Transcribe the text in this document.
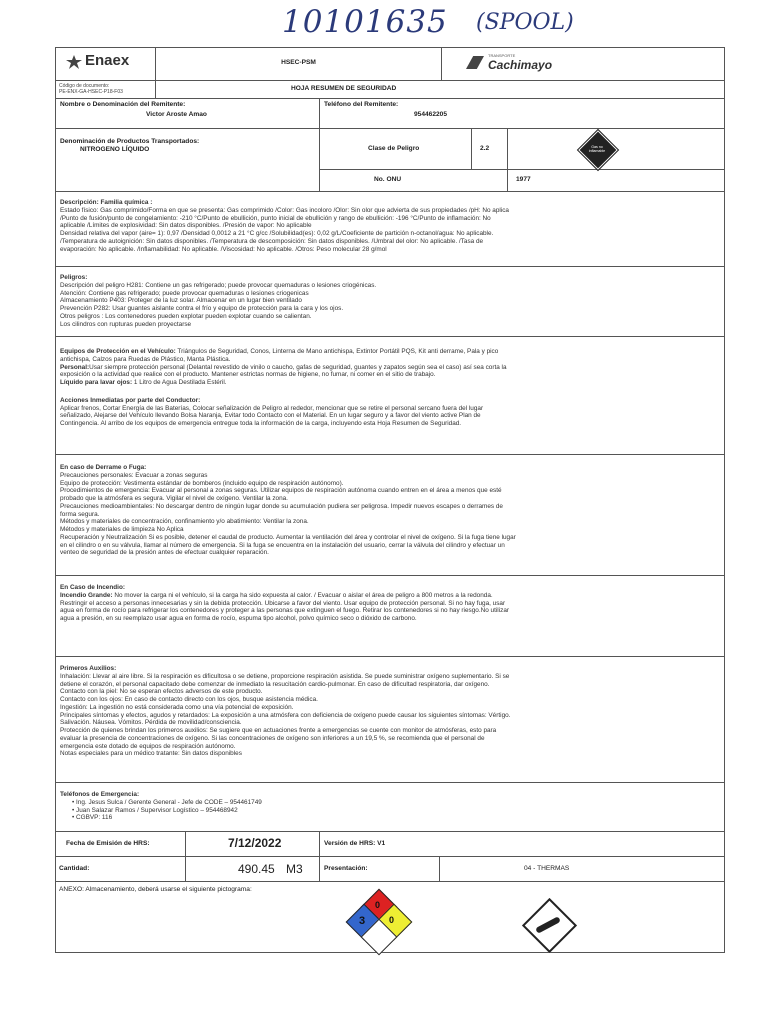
10101635 (SPOOL)
Enaex	HSEC-PSM
TRANSPORTE
Cachimayo
Código de documento:
PE-ENX-GA-HSEC-P18-F03	HOJA RESUMEN DE SEGURIDAD
Nombre o Denominación del Remitente:
Victor Aroste Amao
Teléfono del Remitente:
954462205
Denominación de Productos Transportados:
NITROGENO LÍQUIDO	Clase de Peligro	2.2	Gas no
inflamable
No. ONU	1977

Descripción: Familia química :

Estado físico: Gas comprimido/Forma en que se presenta: Gas comprimido /Color: Gas incoloro /Olor: Sin olor que advierta de sus propiedades /pH: No aplica

/Punto de fusión/punto de congelamiento: -210 °C/Punto de ebullición, punto inicial de ebullición y rango de ebullición: -196 °C/Punto de inflamación: No

aplicable /Límites de explosividad: Sin datos disponibles. /Presión de vapor: No aplicable

Densidad relativa del vapor (aire= 1): 0,97 /Densidad 0,0012 a 21 °C g/cc /Solubilidad(es): 0,02 g/L/Coeficiente de partición n-octanol/agua: No aplicable.

/Temperatura de autoignición: Sin datos disponibles. /Temperatura de descomposición: Sin datos disponibles. /Umbral del olor: No aplicable. /Tasa de

evaporación: No aplicable. /Inflamabilidad: No aplicable. /Viscosidad: No aplicable. /Otros: Peso molecular 28 g/mol

Peligros:

Descripción del peligro H281: Contiene un gas refrigerado; puede provocar quemaduras o lesiones criogénicas.

Atención: Contiene gas refrigerado; puede provocar quemaduras o lesiones criogenicas

Almacenamiento P403: Proteger de la luz solar. Almacenar en un lugar bien ventilado

Prevención P282: Usar guantes aislante contra el frío y equipo de protección para la cara y los ojos.

Otros peligros : Los contenedores pueden explotar pueden explotar cuando se calientan.

Los cilindros con rupturas pueden proyectarse

Equipos de Protección en el Vehículo: Triángulos de Seguridad, Conos, Linterna de Mano antichispa, Extintor Portátil PQS, Kit anti derrame, Pala y pico

antichispa, Calzos para Ruedas de Plástico, Manta Plástica.

Personal:Usar siempre protección personal (Delantal revestido de vinilo o caucho, gafas de seguridad, guantes y zapatos según sea el caso) así sea corta la

exposición o la actividad que realice con el producto. Mantener estrictas normas de higiene, no fumar, ni comer en el sitio de trabajo.

Líquido para lavar ojos: 1 Litro de Agua Destilada Estéril.

Acciones Inmediatas por parte del Conductor:

Aplicar frenos, Cortar Energía de las Baterías, Colocar señalización de Peligro al rededor, mencionar que se retire el personal sercano fuera del lugar

señalizado, Alejarse del Vehículo llevando Bolsa Naranja, Evitar todo Contacto con el Material. En un lugar seguro y a favor del viento active Plan de

Contingencia. Al arribo de los equipos de emergencia entregue toda la información de la carga, incluyendo esta Hoja Resumen de Seguridad.

En caso de Derrame o Fuga:

Precauciones personales: Evacuar a zonas seguras

Equipo de protección: Vestimenta estándar de bomberos (incluido equipo de respiración autónomo).

Procedimientos de emergencia: Evacuar al personal a zonas seguras. Utilizar equipos de respiración autónoma cuando entren en el área a menos que esté

probado que la atmósfera es segura. Vigilar el nivel de oxígeno. Ventilar la zona.

Precauciones medioambientales: No descargar dentro de ningún lugar donde su acumulación pudiera ser peligrosa. Impedir nuevos escapes o derrames de

forma segura.

Métodos y materiales de concentración, confinamiento y/o abatimiento: Ventilar la zona.

Métodos y materiales de limpieza No Aplica

Recuperación y Neutralización Si es posible, detener el caudal de producto. Aumentar la ventilación del área y controlar el nivel de oxígeno. Si la fuga tiene lugar

en el cilindro o en su válvula, llamar al número de emergencia. Si la fuga se encuentra en la instalación del usuario, cerrar la válvula del cilindro y efectuar un

venteo de seguridad de la presión antes de efectuar cualquier reparación.

En Caso de Incendio:

Incendio Grande: No mover la carga ni el vehículo, si la carga ha sido expuesta al calor. / Evacuar o aislar el área de peligro a 800 metros a la redonda.

Restringir el acceso a personas innecesarias y sin la debida protección. Ubicarse a favor del viento. Usar equipo de protección personal. Si no hay fuga, usar

agua en forma de rocío para refrigerar los contenedores y proteger a las personas que extinguen el fuego. Retirar los contenedores si no hay riesgo.No utilizar

agua a presión, en su reemplazo usar agua en forma de rocío, espuma tipo alcohol, polvo químico seco o dióxido de carbono.

Primeros Auxilios:

Inhalación: Llevar al aire libre. Si la respiración es dificultosa o se detiene, proporcione respiración asistida. Se puede suministrar oxígeno suplementario. Si se

detiene el corazón, el personal capacitado debe comenzar de inmediato la resucitación cardio-pulmonar. En caso de dificultad respiratoria, dar oxígeno.

Contacto con la piel: No se esperan efectos adversos de este producto.

Contacto con los ojos: En caso de contacto directo con los ojos, busque asistencia médica.

Ingestión: La ingestión no está considerada como una vía potencial de exposición.

Principales síntomas y efectos, agudos y retardados: La exposición a una atmósfera con deficiencia de oxígeno puede causar los siguientes síntomas: Vértigo.

Salivación. Náusea. Vómitos. Pérdida de movilidad/consciencia.

Protección de quienes brindan los primeros auxilios: Se sugiere que en actuaciones frente a emergencias se cuente con monitor de atmósferas, esto para

evaluar la presencia de concentraciones de oxígeno. Si las concentraciones de oxígeno son inferiores a un 19,5 %, se recomienda que el personal de

emergencia este dotado de equipos de respiración autónomo.

Notas especiales para un médico tratante: Sin datos disponibles

Teléfonos de Emergencia:

• Ing. Jesus Sulca / Gerente General - Jefe de CODE – 954461749

• Juan Salazar Ramos / Supervisor Logístico – 954468942

• CGBVP: 116

Fecha de Emisión de HRS:	7/12/2022	Versión de HRS: V1
Cantidad:	490.45 M3	Presentación:	04 - THERMAS
ANEXO: Almacenamiento, deberá usarse el siguiente pictograma:
3
0
0
